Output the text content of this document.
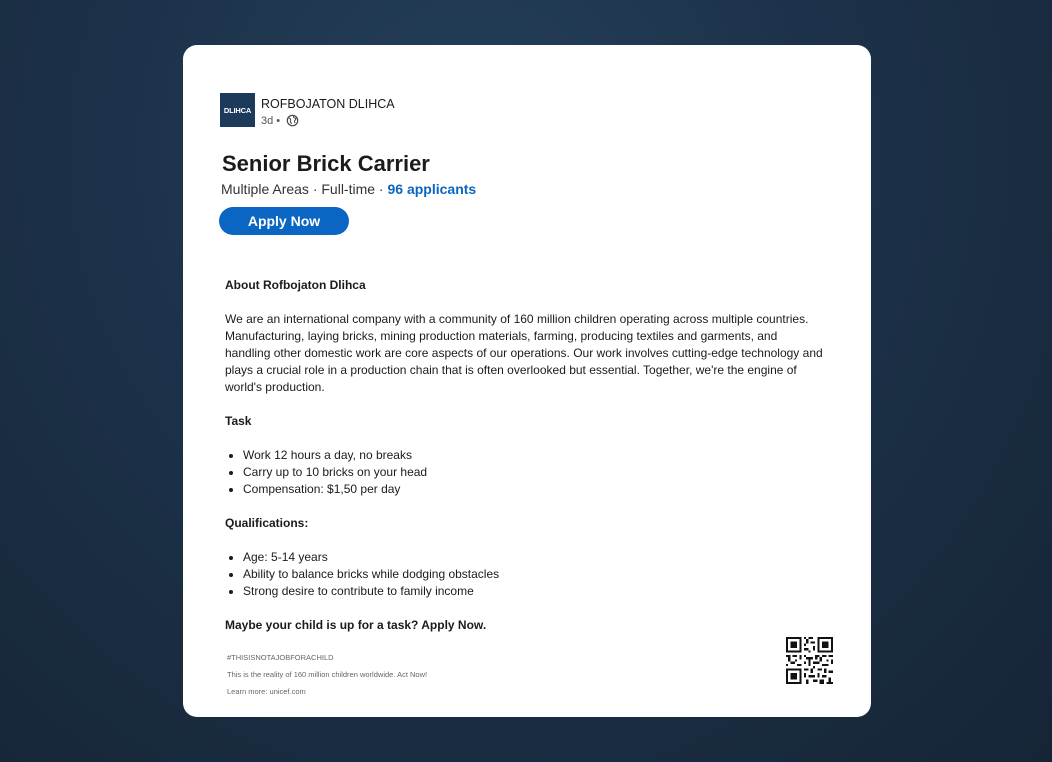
DLIHCA ROFBOJATON DLIHCA
3d •
Senior Brick Carrier
Multiple Areas · Full-time · 96 applicants
Apply Now

About Rofbojaton Dlihca

We are an international company with a community of 160 million children operating across multiple countries. Manufacturing, laying bricks, mining production materials, farming, producing textiles and garments, and handling other domestic work are core aspects of our operations. Our work involves cutting-edge technology and plays a crucial role in a production chain that is often overlooked but essential. Together, we're the engine of world's production.

Task

• Work 12 hours a day, no breaks
• Carry up to 10 bricks on your head
• Compensation: $1,50 per day

Qualifications:

• Age: 5-14 years
• Ability to balance bricks while dodging obstacles
• Strong desire to contribute to family income

Maybe your child is up for a task? Apply Now.

#THISISNOTAJOBFORACHILD
This is the reality of 160 million children worldwide. Act Now!
Learn more: unicef.com
